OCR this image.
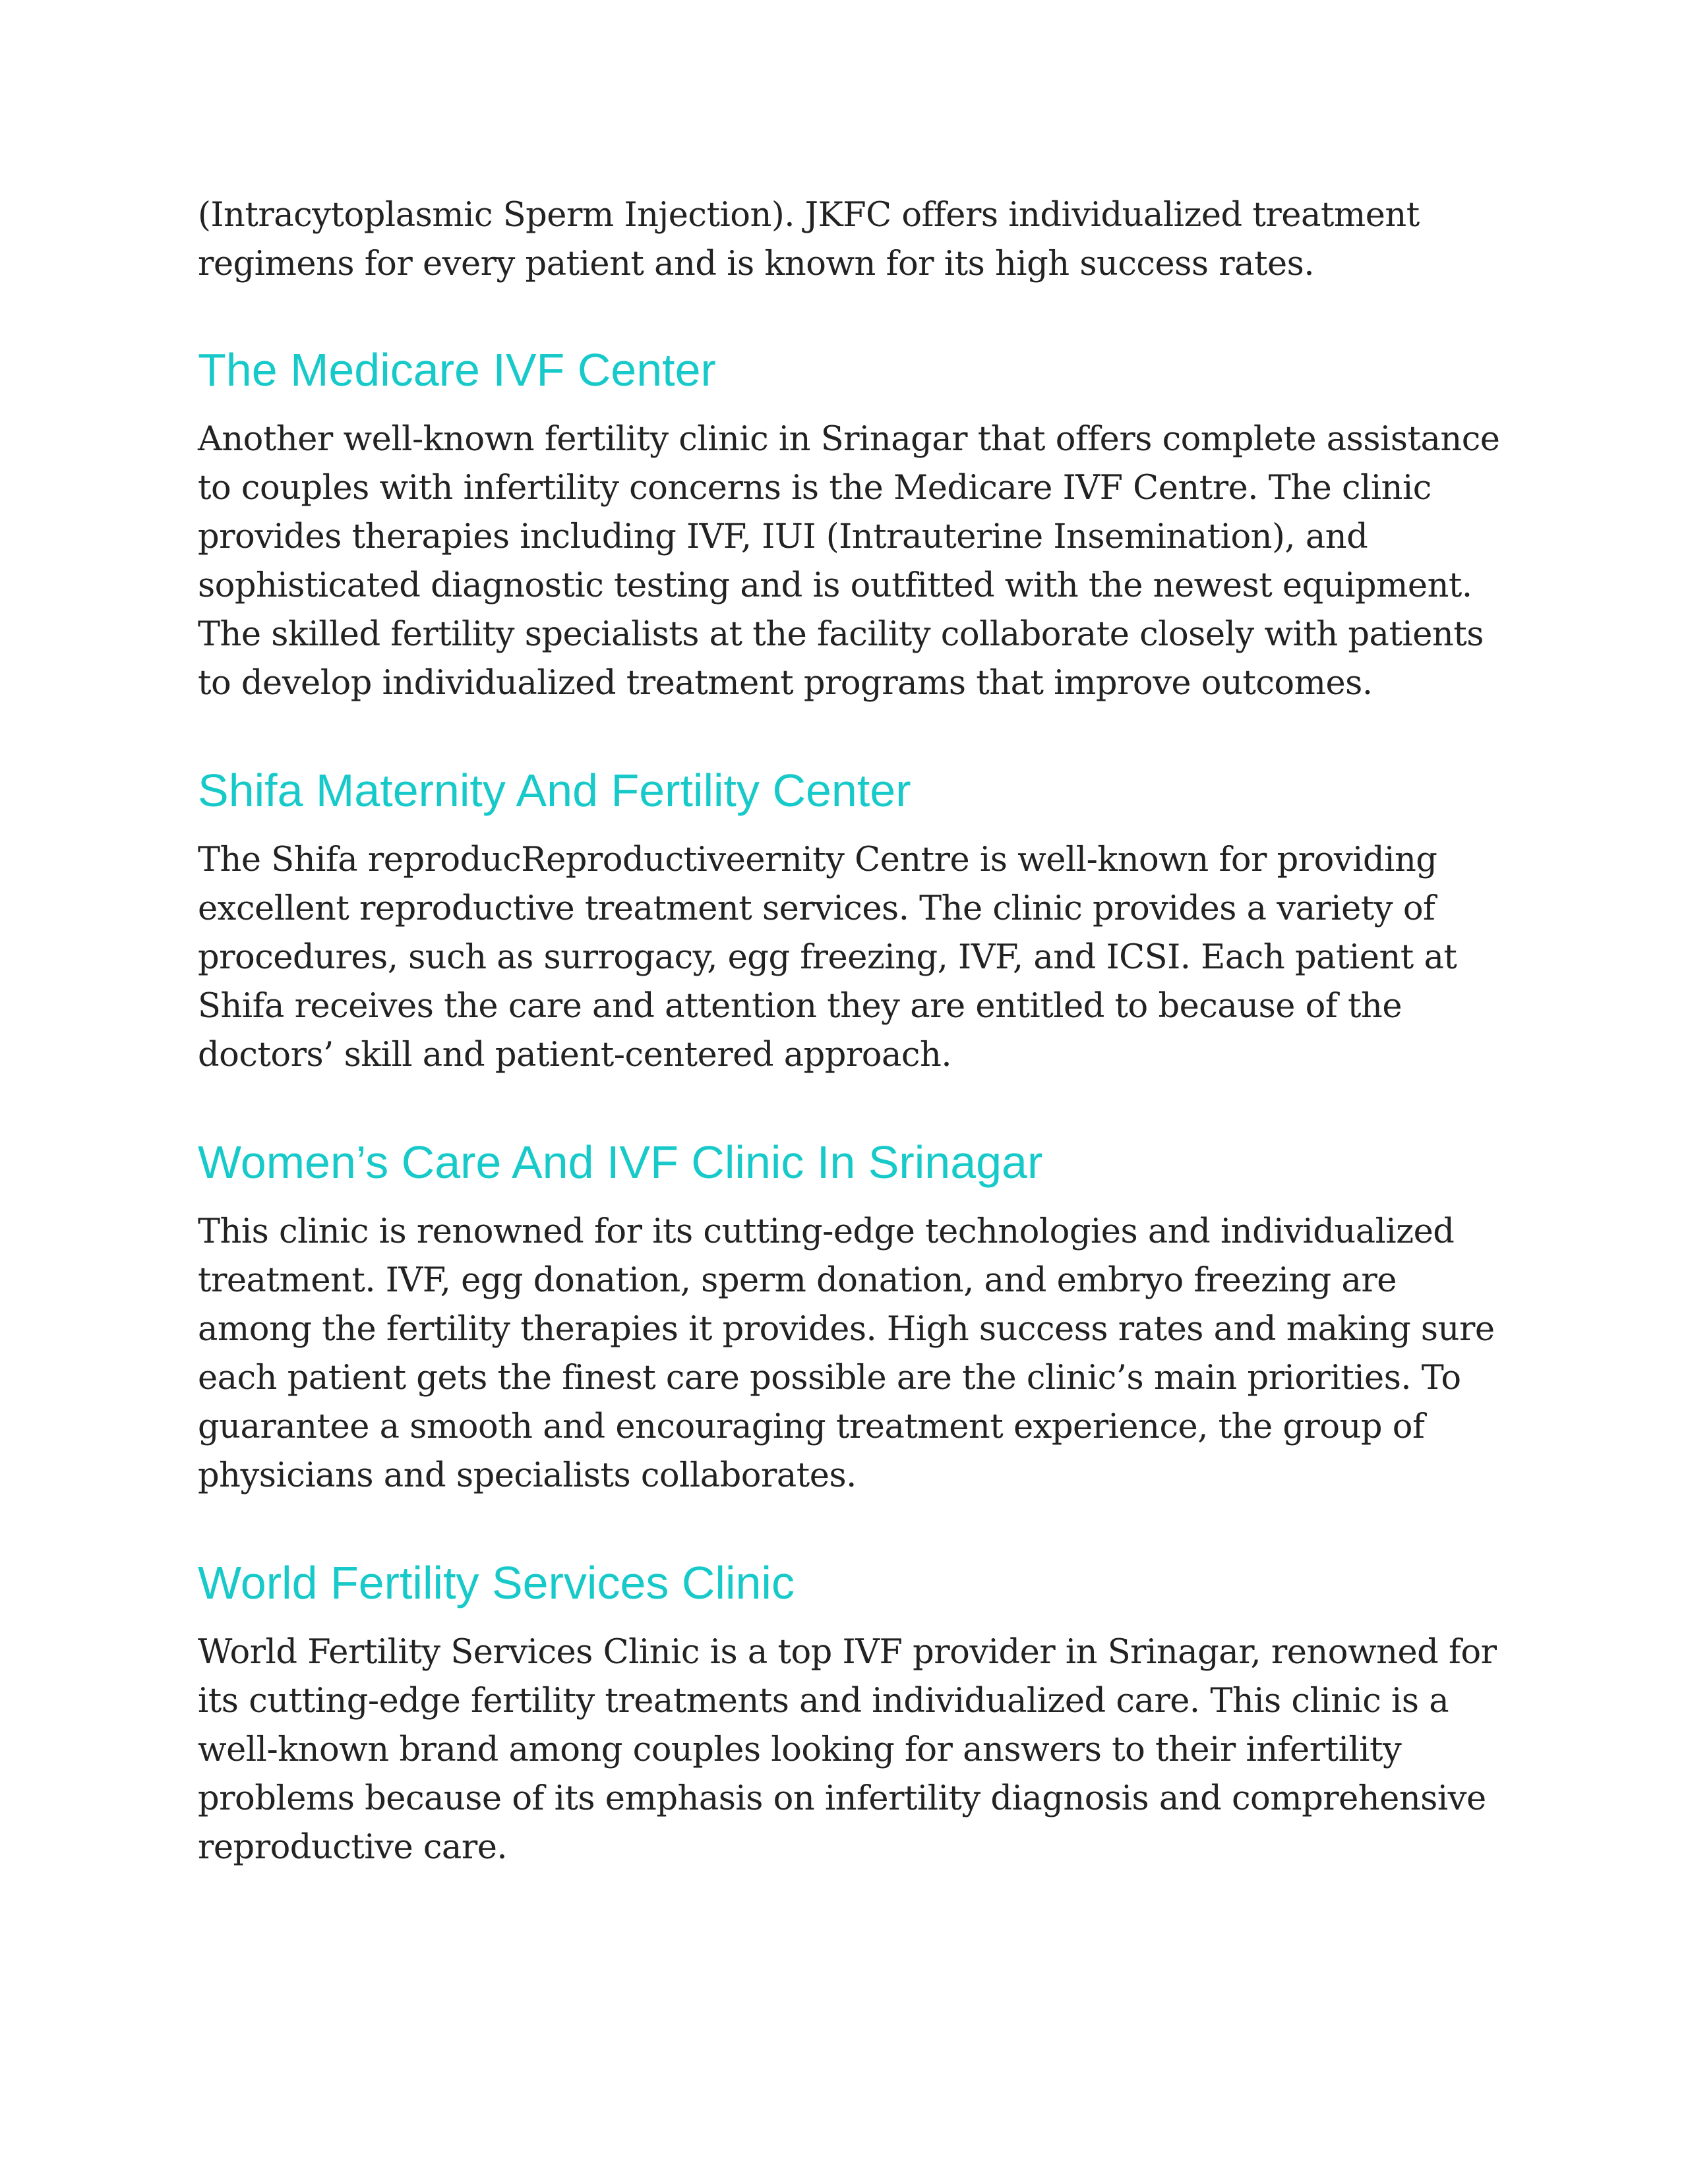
(Intracytoplasmic Sperm Injection). JKFC offers individualized treatment regimens for every patient and is known for its high success rates.

The Medicare IVF Center

Another well-known fertility clinic in Srinagar that offers complete assistance to couples with infertility concerns is the Medicare IVF Centre. The clinic provides therapies including IVF, IUI (Intrauterine Insemination), and sophisticated diagnostic testing and is outfitted with the newest equipment. The skilled fertility specialists at the facility collaborate closely with patients to develop individualized treatment programs that improve outcomes.

Shifa Maternity And Fertility Center

The Shifa reproducReproductiveernity Centre is well-known for providing excellent reproductive treatment services. The clinic provides a variety of procedures, such as surrogacy, egg freezing, IVF, and ICSI. Each patient at Shifa receives the care and attention they are entitled to because of the doctors’ skill and patient-centered approach.

Women’s Care And IVF Clinic In Srinagar

This clinic is renowned for its cutting-edge technologies and individualized treatment. IVF, egg donation, sperm donation, and embryo freezing are among the fertility therapies it provides. High success rates and making sure each patient gets the finest care possible are the clinic’s main priorities. To guarantee a smooth and encouraging treatment experience, the group of physicians and specialists collaborates.

World Fertility Services Clinic

World Fertility Services Clinic is a top IVF provider in Srinagar, renowned for its cutting-edge fertility treatments and individualized care. This clinic is a well-known brand among couples looking for answers to their infertility problems because of its emphasis on infertility diagnosis and comprehensive reproductive care.
